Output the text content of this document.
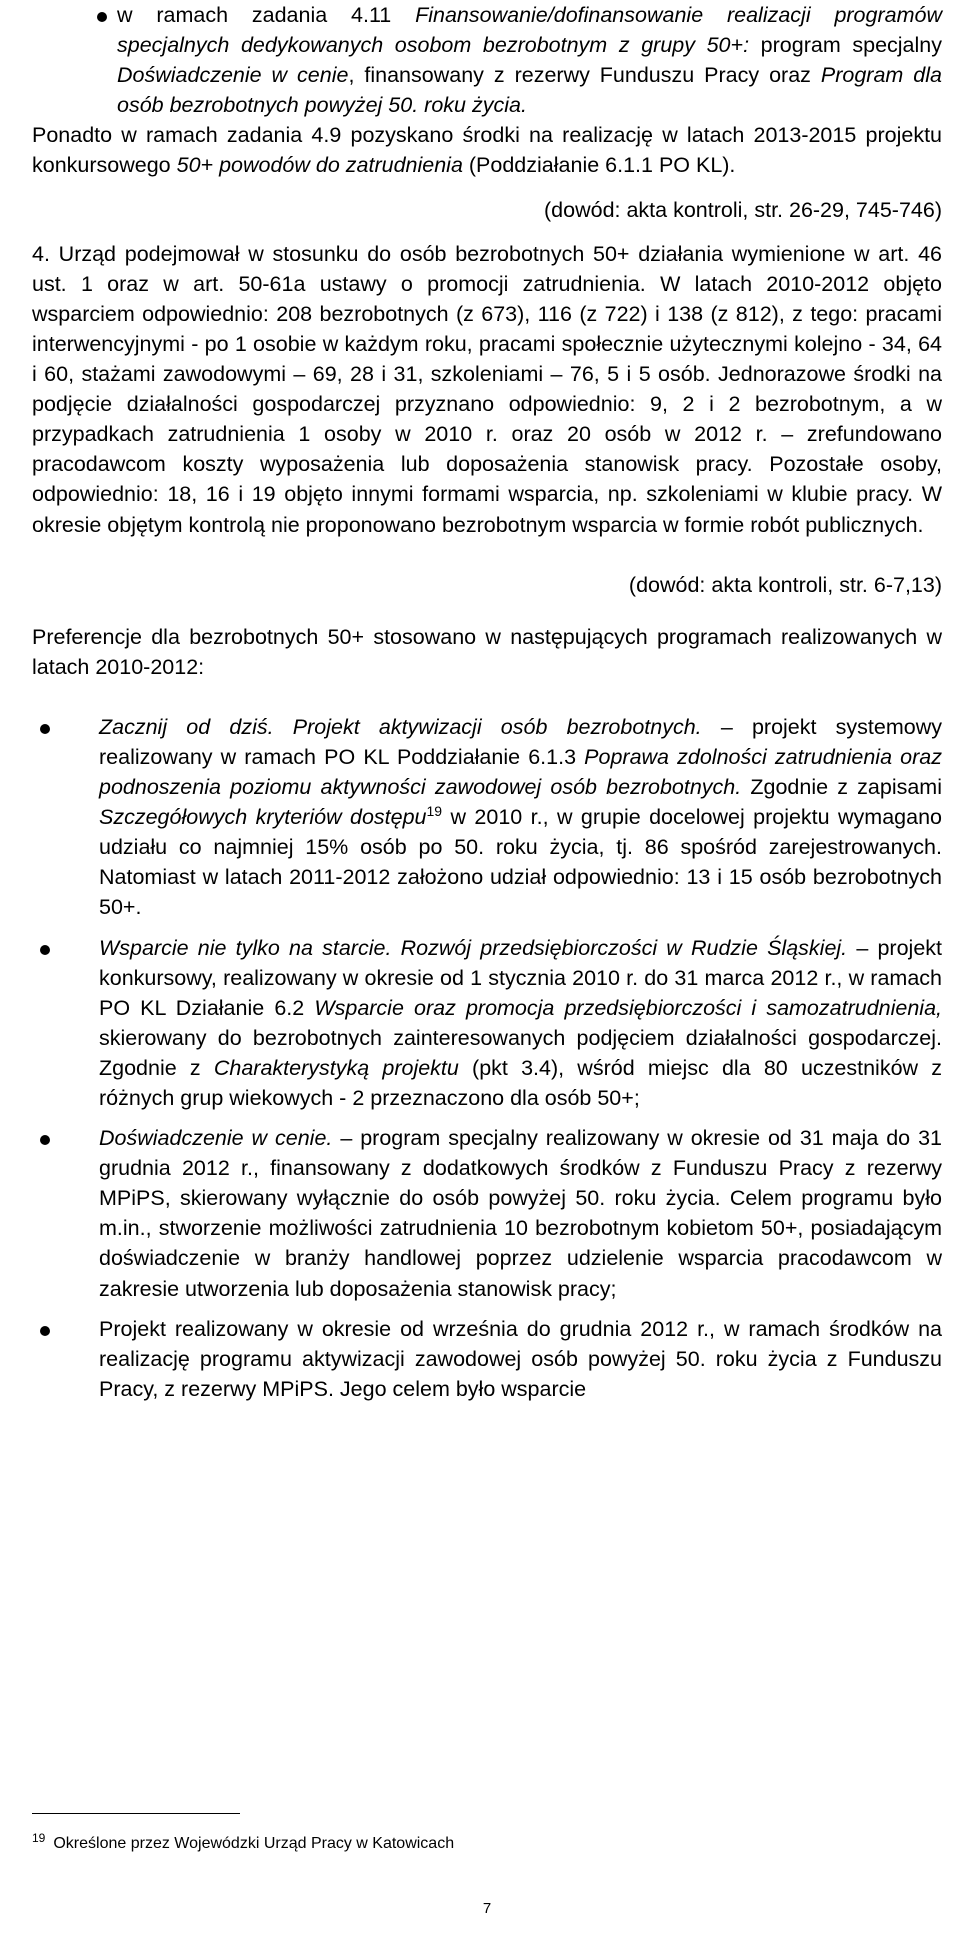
w ramach zadania 4.11 Finansowanie/dofinansowanie realizacji programów specjalnych dedykowanych osobom bezrobotnym z grupy 50+: program specjalny Doświadczenie w cenie, finansowany z rezerwy Funduszu Pracy oraz Program dla osób bezrobotnych powyżej 50. roku życia.

Ponadto w ramach zadania 4.9 pozyskano środki na realizację w latach 2013-2015 projektu konkursowego 50+ powodów do zatrudnienia (Poddziałanie 6.1.1 PO KL).

(dowód: akta kontroli, str. 26-29, 745-746)

4. Urząd podejmował w stosunku do osób bezrobotnych 50+ działania wymienione w art. 46 ust. 1 oraz w art. 50-61a ustawy o promocji zatrudnienia. W latach 2010-2012 objęto wsparciem odpowiednio: 208 bezrobotnych (z 673), 116 (z 722) i 138 (z 812), z tego: pracami interwencyjnymi - po 1 osobie w każdym roku, pracami społecznie użytecznymi kolejno - 34, 64 i 60, stażami zawodowymi – 69, 28 i 31, szkoleniami – 76, 5 i 5 osób. Jednorazowe środki na podjęcie działalności gospodarczej przyznano odpowiednio: 9, 2 i 2 bezrobotnym, a w przypadkach zatrudnienia 1 osoby w 2010 r. oraz 20 osób w 2012 r. – zrefundowano pracodawcom koszty wyposażenia lub doposażenia stanowisk pracy. Pozostałe osoby, odpowiednio: 18, 16 i 19 objęto innymi formami wsparcia, np. szkoleniami w klubie pracy. W okresie objętym kontrolą nie proponowano bezrobotnym wsparcia w formie robót publicznych.

(dowód: akta kontroli, str. 6-7,13)

Preferencje dla bezrobotnych 50+ stosowano w następujących programach realizowanych w latach 2010-2012:

Zacznij od dziś. Projekt aktywizacji osób bezrobotnych. – projekt systemowy realizowany w ramach PO KL Poddziałanie 6.1.3 Poprawa zdolności zatrudnienia oraz podnoszenia poziomu aktywności zawodowej osób bezrobotnych. Zgodnie z zapisami Szczegółowych kryteriów dostępu$^{19}$ w 2010 r., w grupie docelowej projektu wymagano udziału co najmniej 15% osób po 50. roku życia, tj. 86 spośród zarejestrowanych. Natomiast w latach 2011-2012 założono udział odpowiednio: 13 i 15 osób bezrobotnych 50+.
Wsparcie nie tylko na starcie. Rozwój przedsiębiorczości w Rudzie Śląskiej. – projekt konkursowy, realizowany w okresie od 1 stycznia 2010 r. do 31 marca 2012 r., w ramach PO KL Działanie 6.2 Wsparcie oraz promocja przedsiębiorczości i samozatrudnienia, skierowany do bezrobotnych zainteresowanych podjęciem działalności gospodarczej. Zgodnie z Charakterystyką projektu (pkt 3.4), wśród miejsc dla 80 uczestników z różnych grup wiekowych - 2 przeznaczono dla osób 50+;
Doświadczenie w cenie. – program specjalny realizowany w okresie od 31 maja do 31 grudnia 2012 r., finansowany z dodatkowych środków z Funduszu Pracy z rezerwy MPiPS, skierowany wyłącznie do osób powyżej 50. roku życia. Celem programu było m.in., stworzenie możliwości zatrudnienia 10 bezrobotnym kobietom 50+, posiadającym doświadczenie w branży handlowej poprzez udzielenie wsparcia pracodawcom w zakresie utworzenia lub doposażenia stanowisk pracy;
Projekt realizowany w okresie od września do grudnia 2012 r., w ramach środków na realizację programu aktywizacji zawodowej osób powyżej 50. roku życia z Funduszu Pracy, z rezerwy MPiPS. Jego celem było wsparcie
$^{19}$ Określone przez Wojewódzki Urząd Pracy w Katowicach
7
